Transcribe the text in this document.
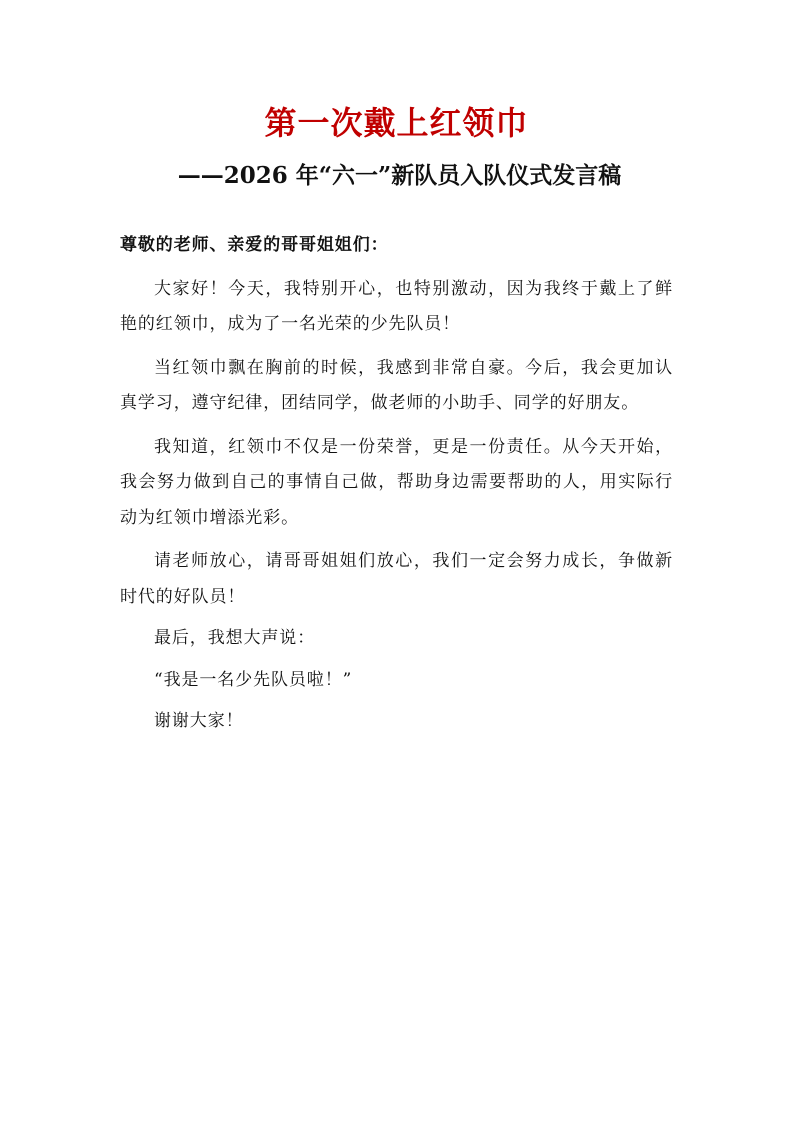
第一次戴上红领巾
——2026 年“六一”新队员入队仪式发言稿

尊敬的老师、亲爱的哥哥姐姐们：

大家好！今天，我特别开心，也特别激动，因为我终于戴上了鲜艳的红领巾，成为了一名光荣的少先队员！

当红领巾飘在胸前的时候，我感到非常自豪。今后，我会更加认真学习，遵守纪律，团结同学，做老师的小助手、同学的好朋友。

我知道，红领巾不仅是一份荣誉，更是一份责任。从今天开始，我会努力做到自己的事情自己做，帮助身边需要帮助的人，用实际行动为红领巾增添光彩。

请老师放心，请哥哥姐姐们放心，我们一定会努力成长，争做新时代的好队员！

最后，我想大声说：

“我是一名少先队员啦！”

谢谢大家！
